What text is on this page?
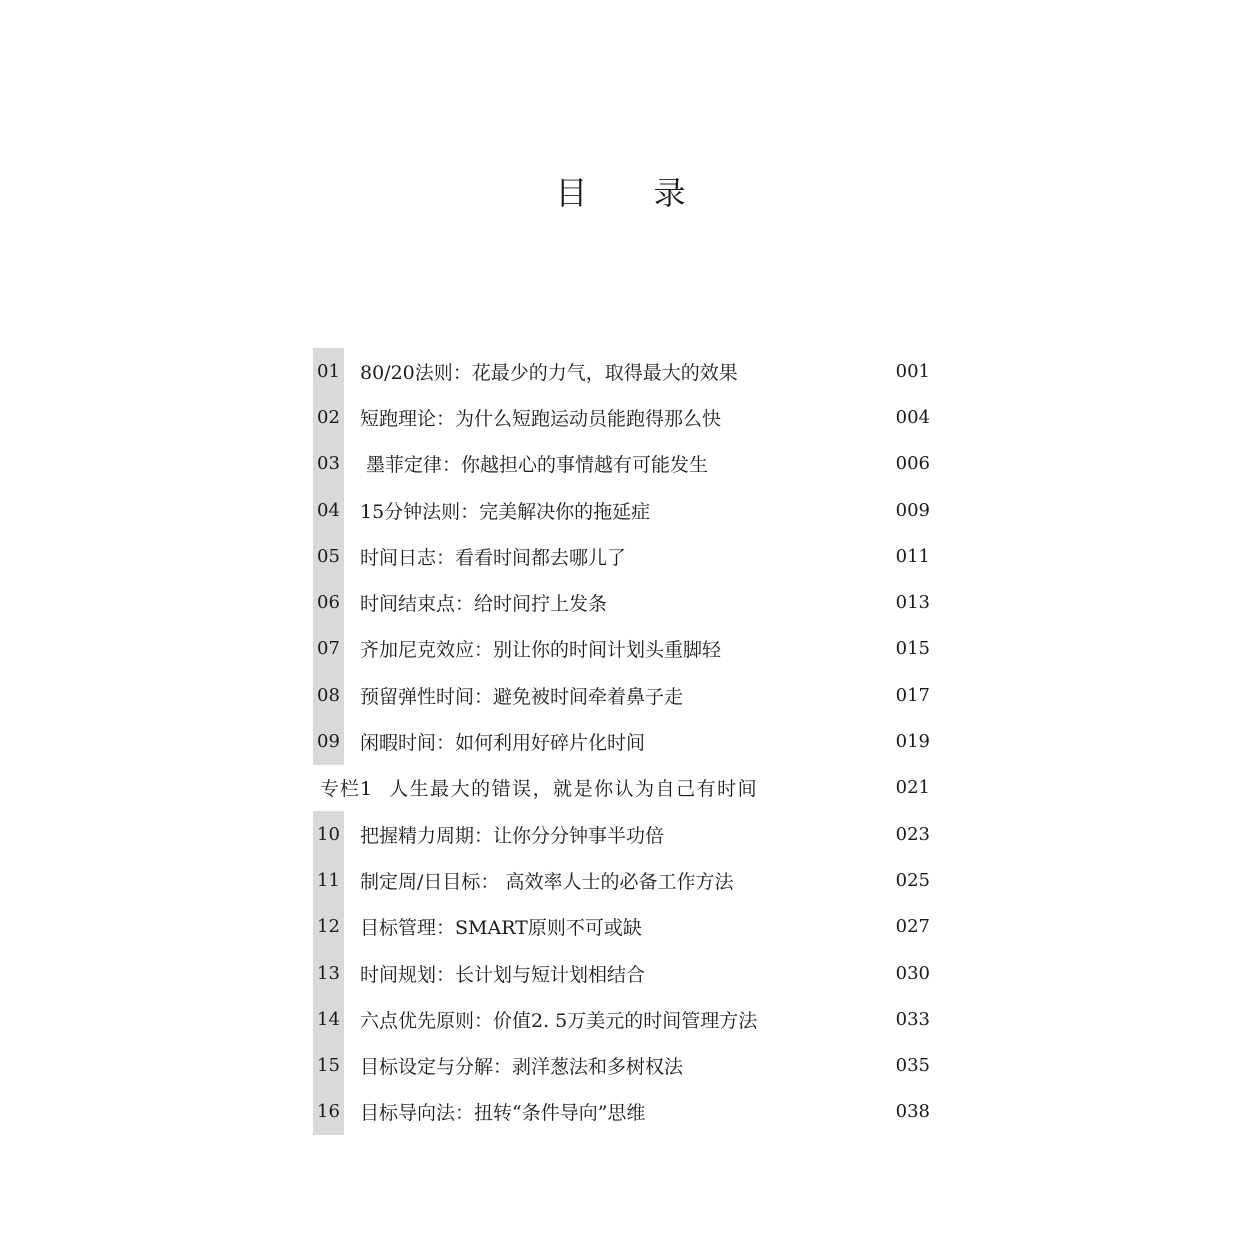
目 录
01 80/20法则：花最少的力气，取得最大的效果	001
02 短跑理论：为什么短跑运动员能跑得那么快	004
03 墨菲定律：你越担心的事情越有可能发生	006
04 15分钟法则：完美解决你的拖延症	009
05 时间日志：看看时间都去哪儿了	011
06 时间结束点：给时间拧上发条	013
07 齐加尼克效应：别让你的时间计划头重脚轻	015
08 预留弹性时间：避免被时间牵着鼻子走	017
09 闲暇时间：如何利用好碎片化时间	019
专栏1 人生最大的错误，就是你认为自己有时间	021
10 把握精力周期：让你分分钟事半功倍	023
11 制定周/日目标： 高效率人士的必备工作方法	025
12 目标管理：SMART原则不可或缺	027
13 时间规划：长计划与短计划相结合	030
14 六点优先原则：价值2. 5万美元的时间管理方法	033
15 目标设定与分解：剥洋葱法和多树权法	035
16 目标导向法：扭转“条件导向”思维	038
